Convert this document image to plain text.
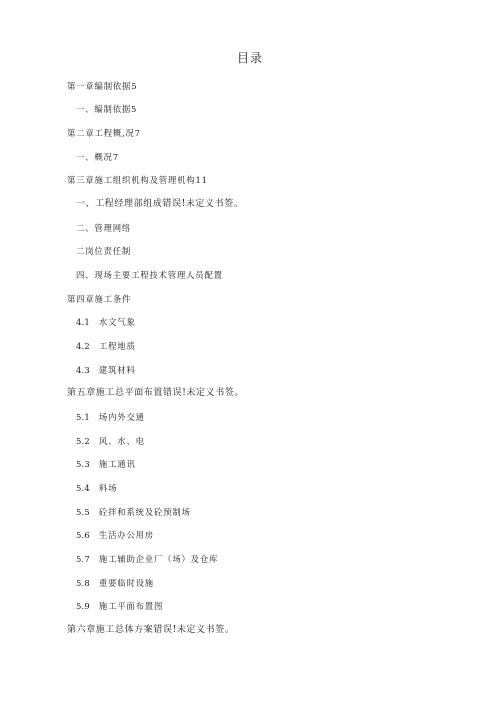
目录
第一章编制依据5
一、编制依据5
第二章工程概,况7
一、概况7
第三章施工组织机构及管理机构11
一、工程经理部组成错误!未定义书签。
二、管理网络
二岗位责任制
四、现场主要工程技术管理人员配置
第四章施工条件
4.1 水文气象
4.2 工程地质
4.3 建筑材料
第五章施工总平面布置错误!未定义书签。
5.1 场内外交通
5.2 风、水、电
5.3 施工通讯
5.4 料场
5.5 砼拌和系统及砼预制场
5.6 生活办公用房
5.7 施工辅助企业厂（场）及仓库
5.8 重要临时设施
5.9 施工平面布置图
第六章施工总体方案错误!未定义书签。
